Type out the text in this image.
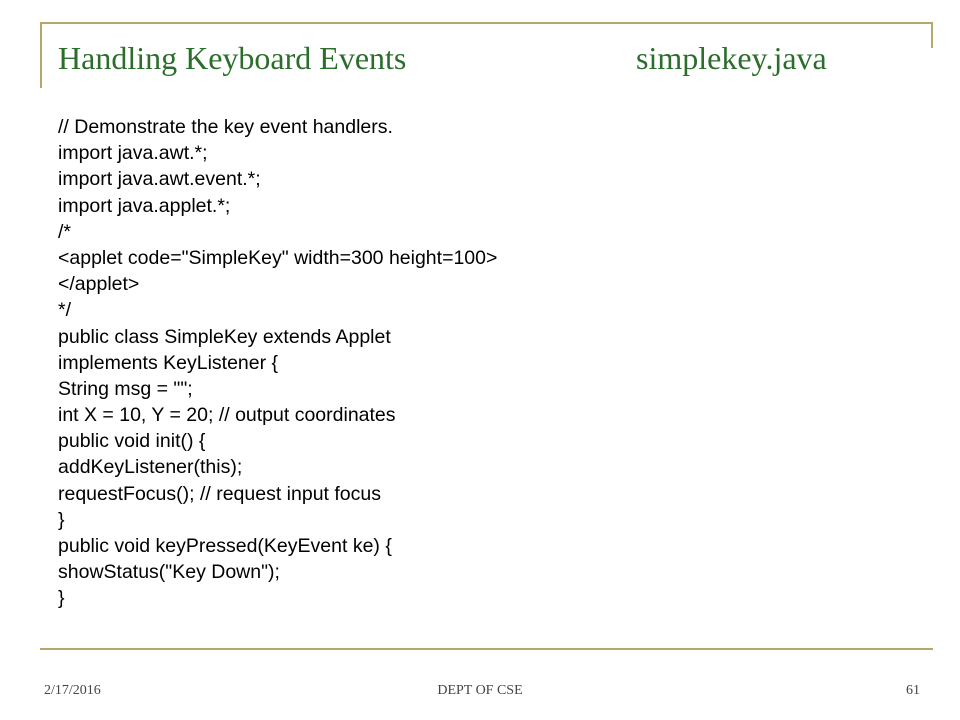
Handling Keyboard Events	simplekey.java
// Demonstrate the key event handlers.
import java.awt.*;
import java.awt.event.*;
import java.applet.*;
/*
<applet code="SimpleKey" width=300 height=100>
</applet>
*/
public class SimpleKey extends Applet
implements KeyListener {
String msg = "";
int X = 10, Y = 20; // output coordinates
public void init() {
addKeyListener(this);
requestFocus(); // request input focus
}
public void keyPressed(KeyEvent ke) {
showStatus("Key Down");
}
2/17/2016	DEPT OF CSE	61
